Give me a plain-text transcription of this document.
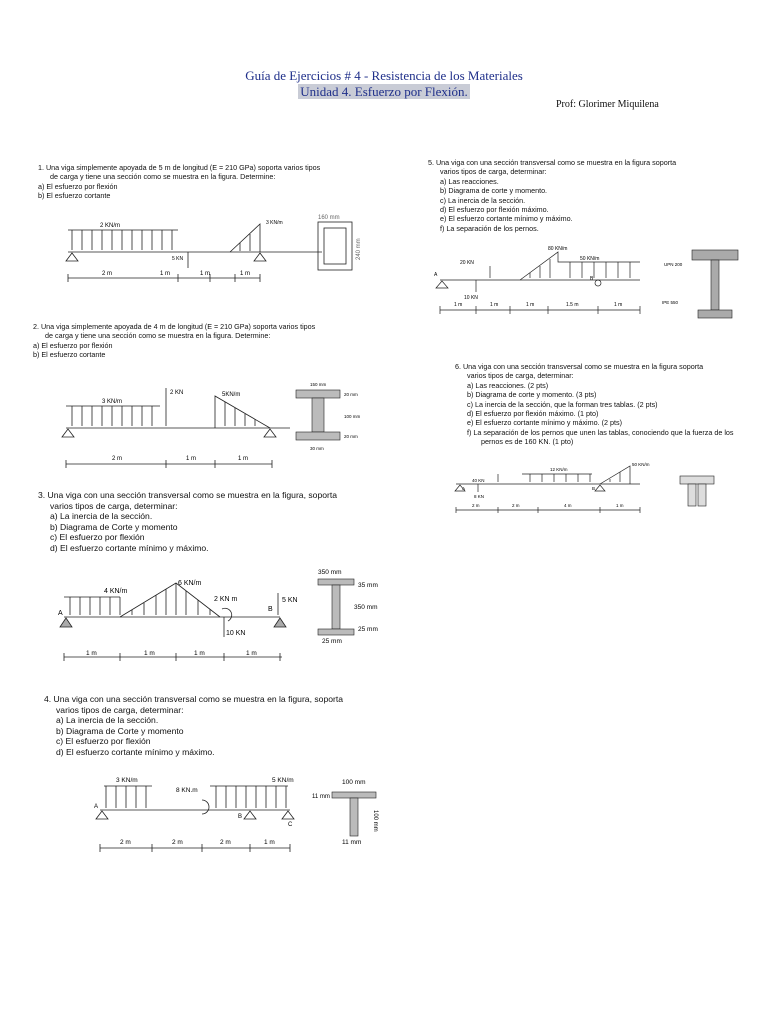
Guía de Ejercicios # 4 - Resistencia de los Materiales
Unidad 4. Esfuerzo por Flexión.
Prof: Glorimer Miquilena
1. Una viga simplemente apoyada de 5 m de longitud (E = 210 GPa) soporta varios tipos
de carga y tiene una sección como se muestra en la figura. Determine:
a) El esfuerzo por flexión
b) El esfuerzo cortante
2 KN/m	3 KN/m
5 KN
2 m	1 m	1 m	1 m
160 mm
240 mm
2. Una viga simplemente apoyada de 4 m de longitud (E = 210 GPa) soporta varios tipos
de carga y tiene una sección como se muestra en la figura. Determine:
a) El esfuerzo por flexión
b) El esfuerzo cortante
3 KN/m
2 KN	5KN/m
2 m	1 m	1 m
150 mm
20 mm
100 mm
20 mm
30 mm
3. Una viga con una sección transversal como se muestra en la figura, soporta
varios tipos de carga, determinar:
a) La inercia de la sección.
b) Diagrama de Corte y momento
c) El esfuerzo por flexión
d) El esfuerzo cortante mínimo y máximo.
4 KN/m
6 KN/m
2 KN m
10 KN
5 KN
A
B
1 m	1 m	1 m	1 m
350 mm
35 mm
350 mm
25 mm
25 mm
4. Una viga con una sección transversal como se muestra en la figura, soporta
varios tipos de carga, determinar:
a) La inercia de la sección.
b) Diagrama de Corte y momento
c) El esfuerzo por flexión
d) El esfuerzo cortante mínimo y máximo.
3 KN/m
8 KN.m
5 KN/m
A
B
C
2 m	2 m	2 m	1 m
100 mm
11 mm
100 mm
11 mm
5. Una viga con una sección transversal como se muestra en la figura soporta
varios tipos de carga, determinar:
a) Las reacciones.
b) Diagrama de corte y momento.
c) La inercia de la sección.
d) El esfuerzo por flexión máximo.
e) El esfuerzo cortante mínimo y máximo.
f) La separación de los pernos.
20 KN
80 KN/m
50 KN/m
10 KN
A
B
1 m	1 m	1 m	1.5 m	1 m
UPN 200
IPE 550
6. Una viga con una sección transversal como se muestra en la figura soporta
varios tipos de carga, determinar:
a) Las reacciones. (2 pts)
b) Diagrama de corte y momento. (3 pts)
c) La inercia de la sección, que la forman tres tablas. (2 pts)
d) El esfuerzo por flexión máximo. (1 pto)
e) El esfuerzo cortante mínimo y máximo. (2 pts)
f) La separación de los pernos que unen las tablas, conociendo que la fuerza de los
pernos es de 160 KN. (1 pto)
12 KN/m
50 KN/m
40 KN
8 KN
A	B
2 m	2 m	4 m	1 m
